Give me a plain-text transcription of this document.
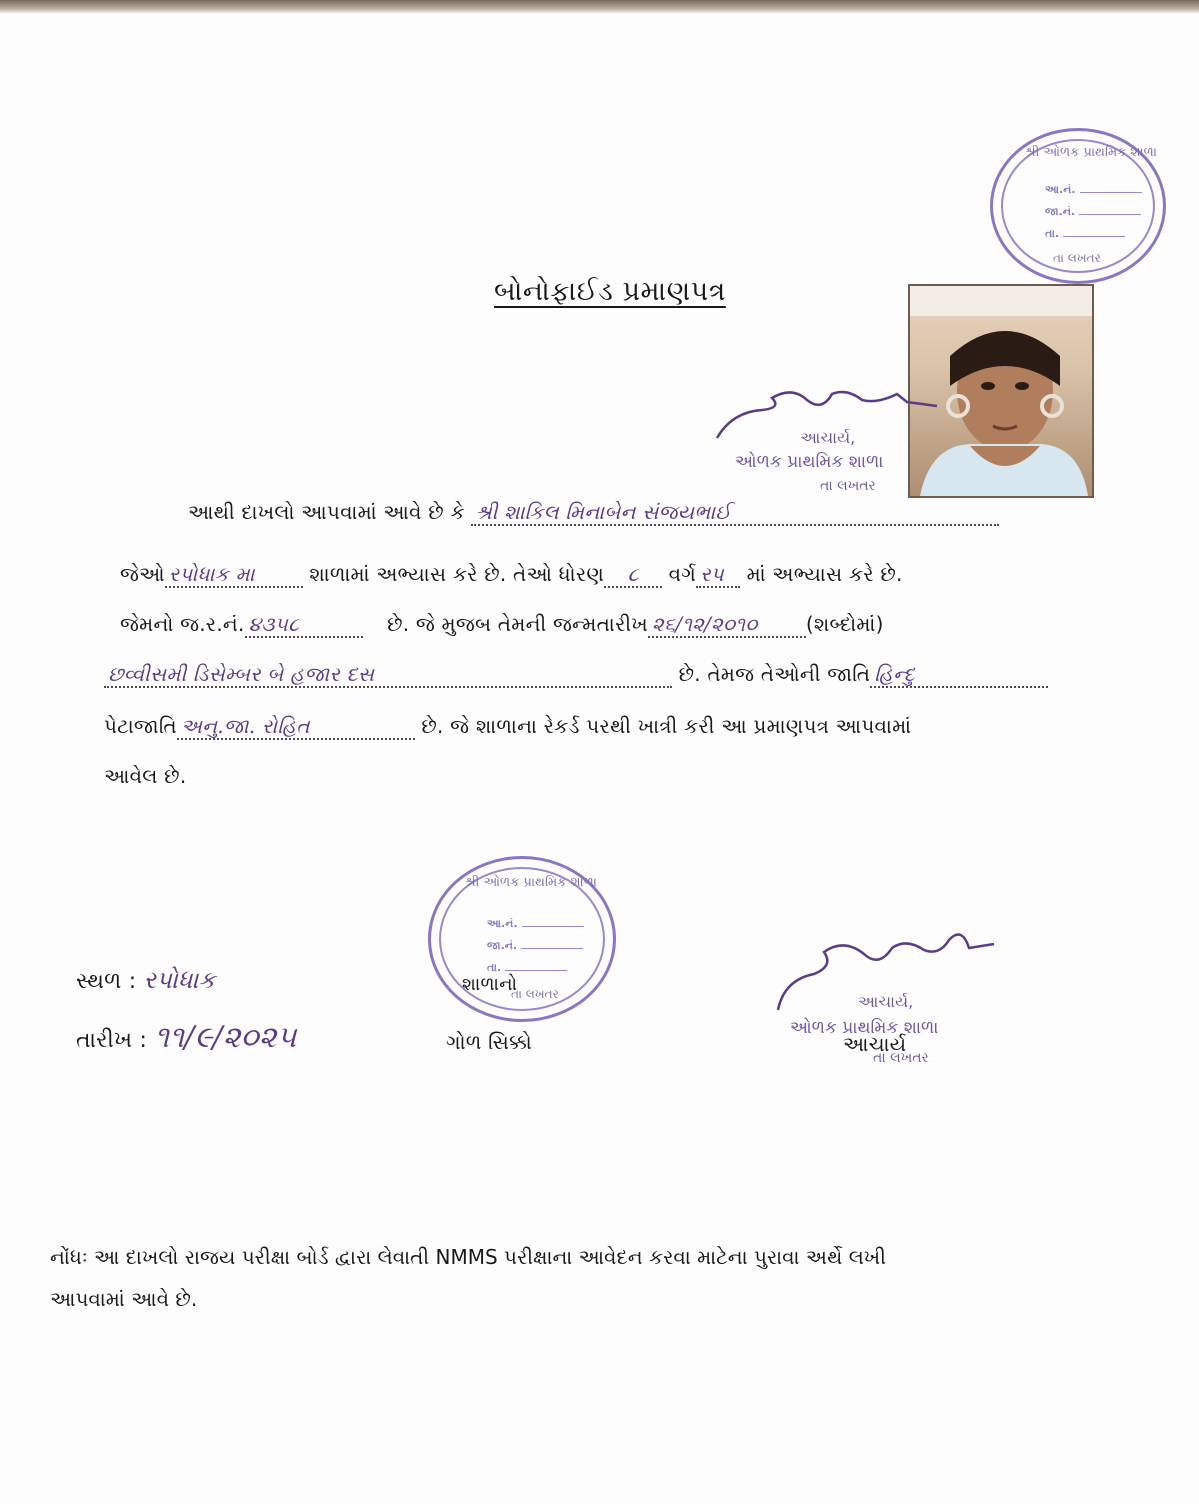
શ્રી ઓળક પ્રાથમિક શાળા
આ.નં.
જા.નં.
તા.
તા લખતર
બોનોફાઈડ પ્રમાણપત્ર
આચાર્ય,
ઓળક પ્રાથમિક શાળા
તા લખતર
આથી દાખલો આપવામાં આવે છે કે શ્રી શાકિલ મિનાબેન સંજયભાઈ
જેઓ રપોધાક મા	શાળામાં અભ્યાસ કરે છે. તેઓ ધોરણ ૮ વર્ગ રપ માં અભ્યાસ કરે છે.
જેમનો જ.ર.નં. ૪૩૫૮	છે. જે મુજબ તેમની જન્મતારીખ ૨૬/૧૨/૨૦૧૦ (શબ્દોમાં)
છવ્વીસમી ડિસેમ્બર બે હજાર દસ	છે. તેમજ તેઓની જાતિ હિન્દુ
પેટાજાતિ અનુ.જા. રોહિત	છે. જે શાળાના રેકર્ડ પરથી ખાત્રી કરી આ પ્રમાણપત્ર આપવામાં
આવેલ છે.
શ્રી ઓળક પ્રાથમિક શાળા
આ.નં.
જા.નં.
તા.
તા લખતર
સ્થળ : રપોધાક
તારીખ : ૧૧/૯/૨૦૨૫
શાળાનો
ગોળ સિક્કો
આચાર્ય,
ઓળક પ્રાથમિક શાળા
આચાર્ય
તા લખતર
નોંધઃ આ દાખલો રાજય પરીક્ષા બોર્ડ દ્વારા લેવાતી NMMS પરીક્ષાના આવેદન કરવા માટેના પુરાવા અર્થે લખી
આપવામાં આવે છે.
